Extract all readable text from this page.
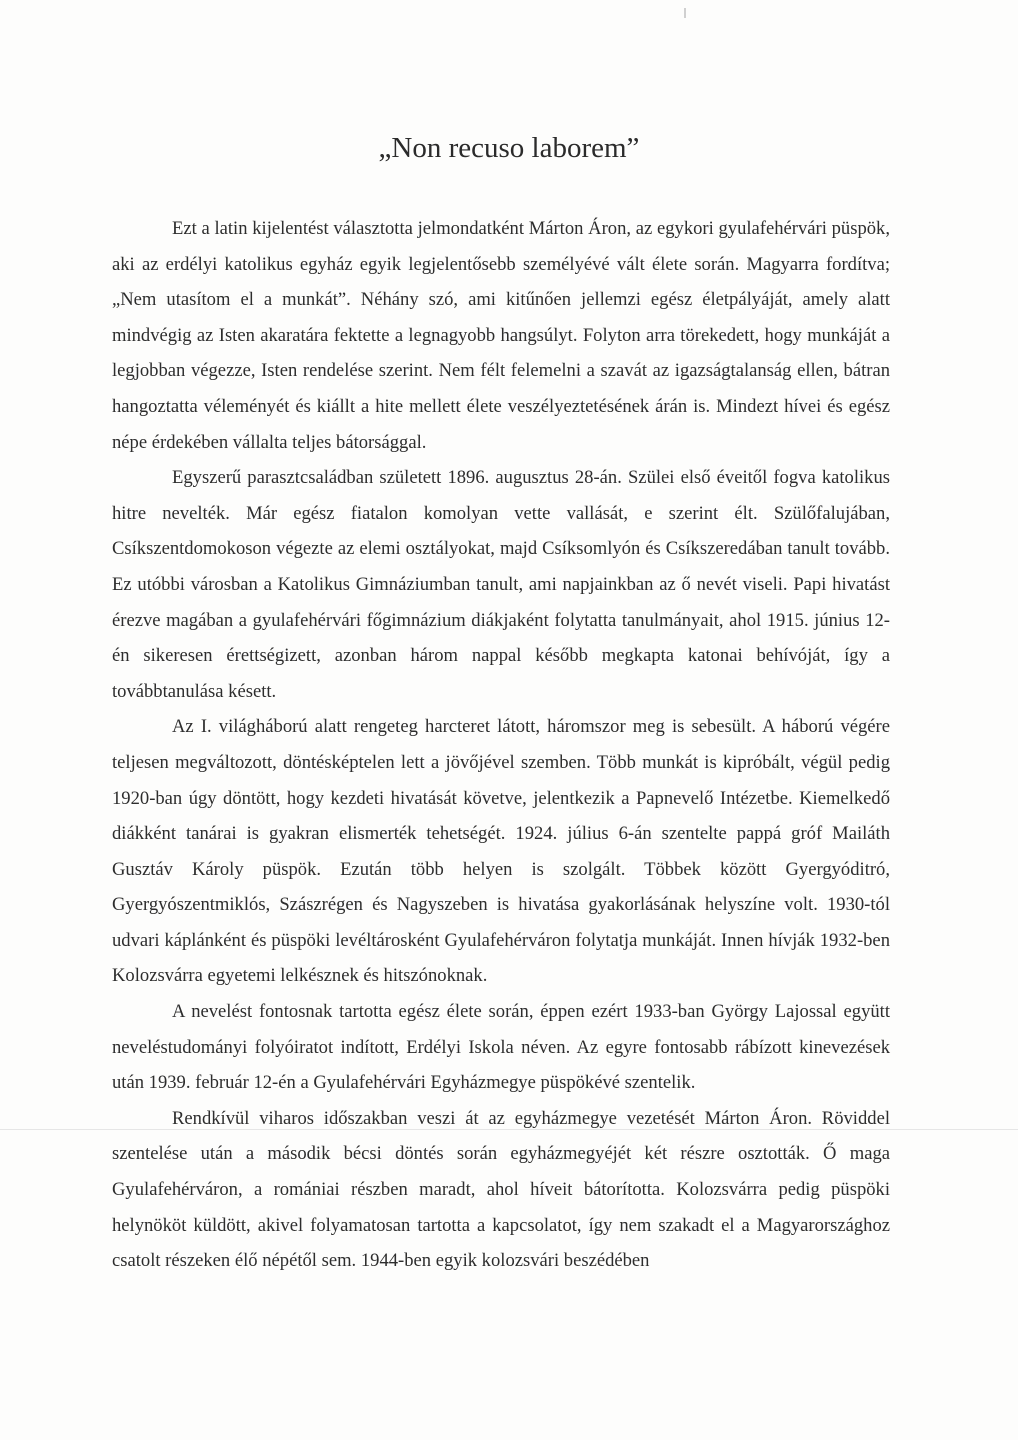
„Non recuso laborem”

Ezt a latin kijelentést választotta jelmondatként Márton Áron, az egykori gyulafehérvári püspök, aki az erdélyi katolikus egyház egyik legjelentősebb személyévé vált élete során. Magyarra fordítva; „Nem utasítom el a munkát”. Néhány szó, ami kitűnően jellemzi egész életpályáját, amely alatt mindvégig az Isten akaratára fektette a legnagyobb hangsúlyt. Folyton arra törekedett, hogy munkáját a legjobban végezze, Isten rendelése szerint. Nem félt felemelni a szavát az igazságtalanság ellen, bátran hangoztatta véleményét és kiállt a hite mellett élete veszélyeztetésének árán is. Mindezt hívei és egész népe érdekében vállalta teljes bátorsággal.

Egyszerű parasztcsaládban született 1896. augusztus 28-án. Szülei első éveitől fogva katolikus hitre nevelték. Már egész fiatalon komolyan vette vallását, e szerint élt. Szülőfalujában, Csíkszentdomokoson végezte az elemi osztályokat, majd Csíksomlyón és Csíkszeredában tanult tovább. Ez utóbbi városban a Katolikus Gimnáziumban tanult, ami napjainkban az ő nevét viseli. Papi hivatást érezve magában a gyulafehérvári főgimnázium diákjaként folytatta tanulmányait, ahol 1915. június 12-én sikeresen érettségizett, azonban három nappal később megkapta katonai behívóját, így a továbbtanulása késett.

Az I. világháború alatt rengeteg harcteret látott, háromszor meg is sebesült. A háború végére teljesen megváltozott, döntésképtelen lett a jövőjével szemben. Több munkát is kipróbált, végül pedig 1920-ban úgy döntött, hogy kezdeti hivatását követve, jelentkezik a Papnevelő Intézetbe. Kiemelkedő diákként tanárai is gyakran elismerték tehetségét. 1924. július 6-án szentelte pappá gróf Mailáth Gusztáv Károly püspök. Ezután több helyen is szolgált. Többek között Gyergyóditró, Gyergyószentmiklós, Szászrégen és Nagyszeben is hivatása gyakorlásának helyszíne volt. 1930-tól udvari káplánként és püspöki levéltárosként Gyulafehérváron folytatja munkáját. Innen hívják 1932-ben Kolozsvárra egyetemi lelkésznek és hitszónoknak.

A nevelést fontosnak tartotta egész élete során, éppen ezért 1933-ban György Lajossal együtt neveléstudományi folyóiratot indított, Erdélyi Iskola néven. Az egyre fontosabb rábízott kinevezések után 1939. február 12-én a Gyulafehérvári Egyházmegye püspökévé szentelik.

Rendkívül viharos időszakban veszi át az egyházmegye vezetését Márton Áron. Röviddel szentelése után a második bécsi döntés során egyházmegyéjét két részre osztották. Ő maga Gyulafehérváron, a romániai részben maradt, ahol híveit bátorította. Kolozsvárra pedig püspöki helynököt küldött, akivel folyamatosan tartotta a kapcsolatot, így nem szakadt el a Magyarországhoz csatolt részeken élő népétől sem. 1944-ben egyik kolozsvári beszédében
